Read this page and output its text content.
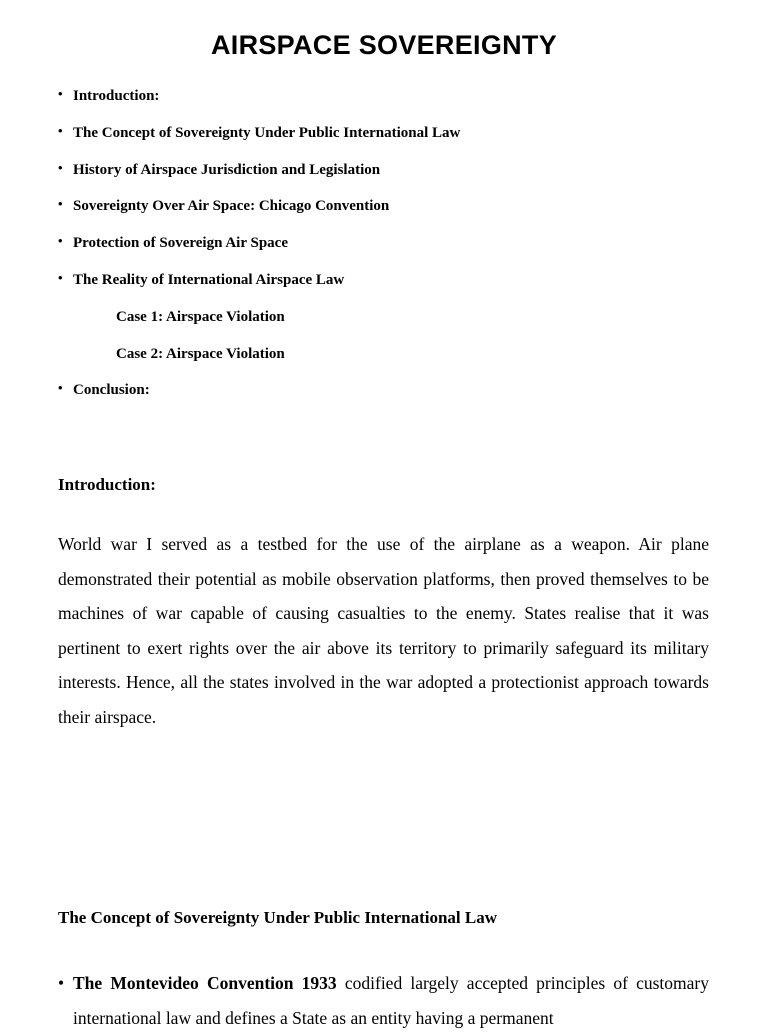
AIRSPACE SOVEREIGNTY
• Introduction:
• The Concept of Sovereignty Under Public International Law
• History of Airspace Jurisdiction and Legislation
• Sovereignty Over Air Space: Chicago Convention
• Protection of Sovereign Air Space
• The Reality of International Airspace Law
Case 1: Airspace Violation
Case 2: Airspace Violation
• Conclusion:
Introduction:

World war I served as a testbed for the use of the airplane as a weapon. Air plane demonstrated their potential as mobile observation platforms, then proved themselves to be machines of war capable of causing casualties to the enemy. States realise that it was pertinent to exert rights over the air above its territory to primarily safeguard its military interests. Hence, all the states involved in the war adopted a protectionist approach towards their airspace.

The Concept of Sovereignty Under Public International Law
• The Montevideo Convention 1933 codified largely accepted principles of customary international law and defines a State as an entity having a permanent
